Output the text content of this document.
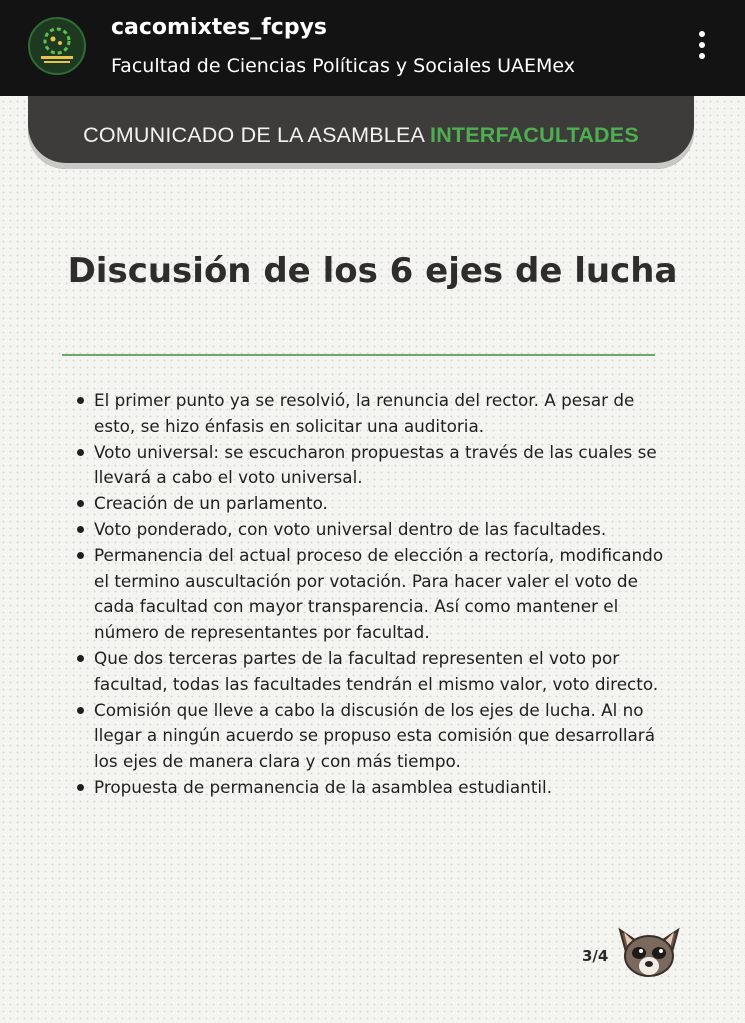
cacomixtes_fcpys
Facultad de Ciencias Políticas y Sociales UAEMex
COMUNICADO DE LA ASAMBLEA INTERFACULTADES
Discusión de los 6 ejes de lucha
El primer punto ya se resolvió, la renuncia del rector. A pesar de esto, se hizo énfasis en solicitar una auditoria.
Voto universal: se escucharon propuestas a través de las cuales se llevará a cabo el voto universal.
Creación de un parlamento.
Voto ponderado, con voto universal dentro de las facultades.
Permanencia del actual proceso de elección a rectoría, modificando el termino auscultación por votación. Para hacer valer el voto de cada facultad con mayor transparencia. Así como mantener el número de representantes por facultad.
Que dos terceras partes de la facultad representen el voto por facultad, todas las facultades tendrán el mismo valor, voto directo.
Comisión que lleve a cabo la discusión de los ejes de lucha. Al no llegar a ningún acuerdo se propuso esta comisión que desarrollará los ejes de manera clara y con más tiempo.
Propuesta de permanencia de la asamblea estudiantil.
3/4
